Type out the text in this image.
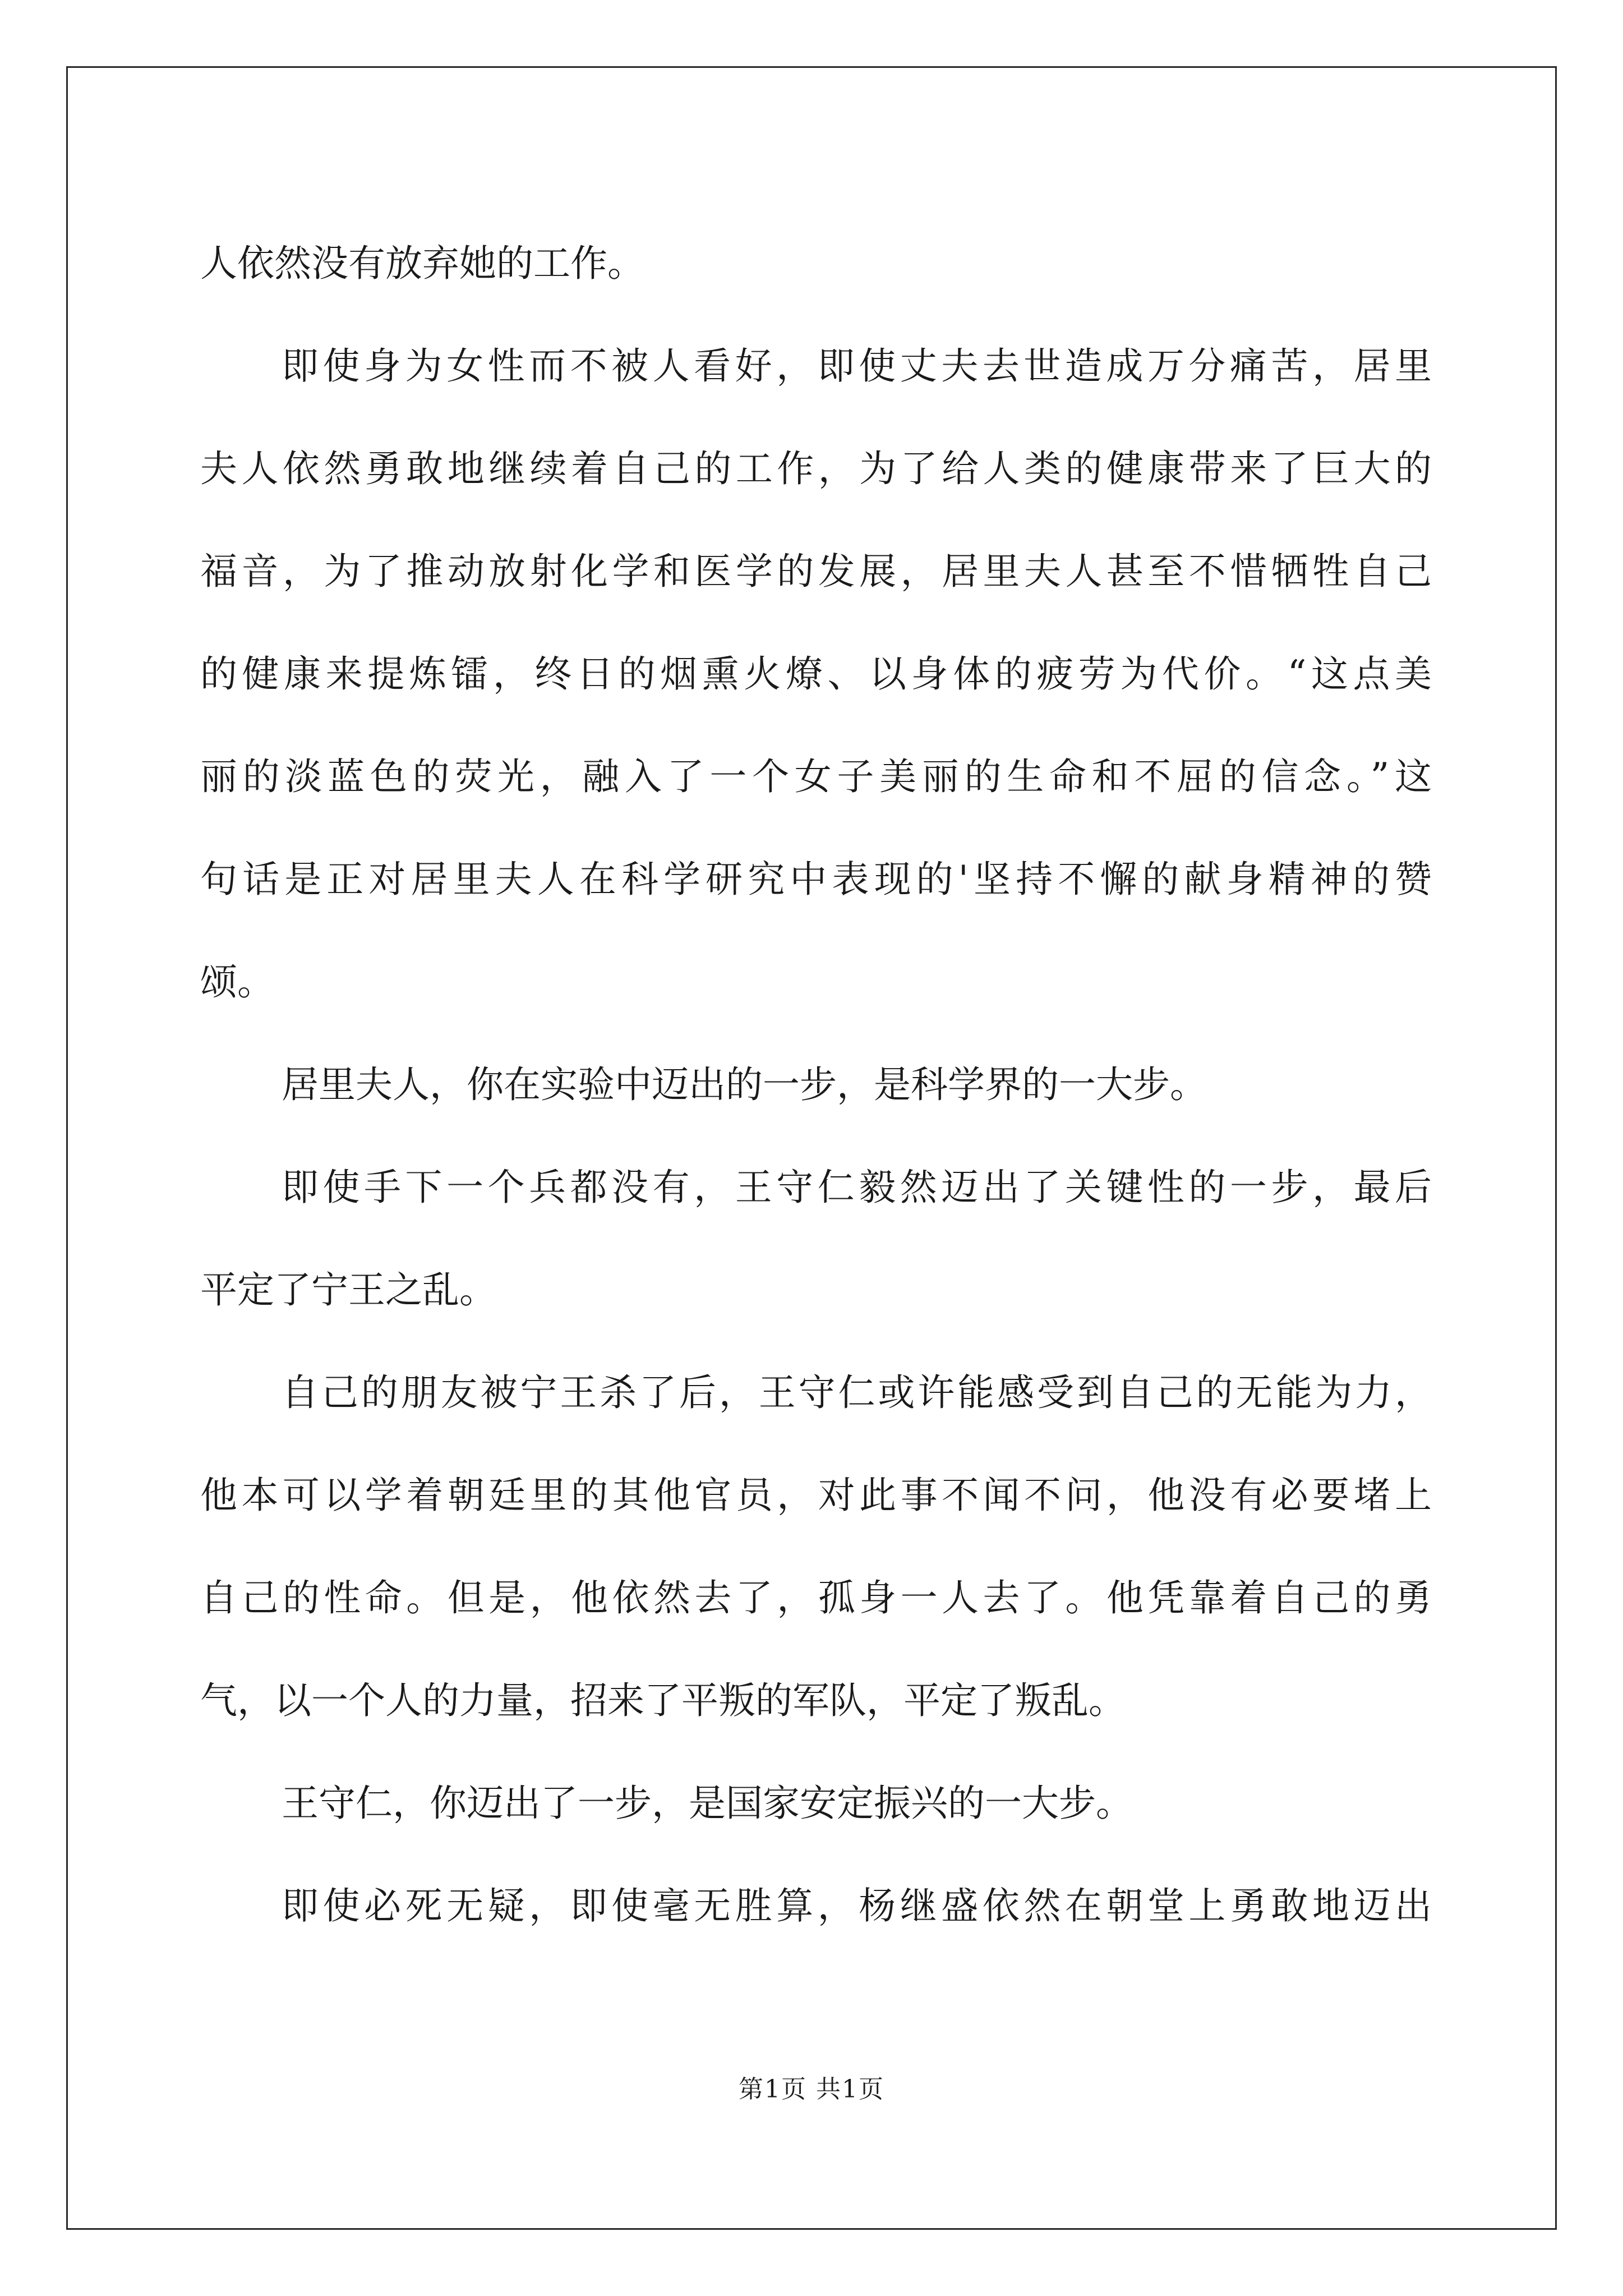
人依然没有放弃她的工作。
即使身为女性而不被人看好，即使丈夫去世造成万分痛苦，居里
夫人依然勇敢地继续着自己的工作，为了给人类的健康带来了巨大的
福音，为了推动放射化学和医学的发展，居里夫人甚至不惜牺牲自己
的健康来提炼镭，终日的烟熏火燎、以身体的疲劳为代价。“这点美
丽的淡蓝色的荧光，融入了一个女子美丽的生命和不屈的信念。”这
句话是正对居里夫人在科学研究中表现的'坚持不懈的献身精神的赞
颂。
居里夫人，你在实验中迈出的一步，是科学界的一大步。
即使手下一个兵都没有，王守仁毅然迈出了关键性的一步，最后
平定了宁王之乱。
自己的朋友被宁王杀了后，王守仁或许能感受到自己的无能为力，
他本可以学着朝廷里的其他官员，对此事不闻不问，他没有必要堵上
自己的性命。但是，他依然去了，孤身一人去了。他凭靠着自己的勇
气，以一个人的力量，招来了平叛的军队，平定了叛乱。
王守仁，你迈出了一步，是国家安定振兴的一大步。
即使必死无疑，即使毫无胜算，杨继盛依然在朝堂上勇敢地迈出
第1页 共1页
